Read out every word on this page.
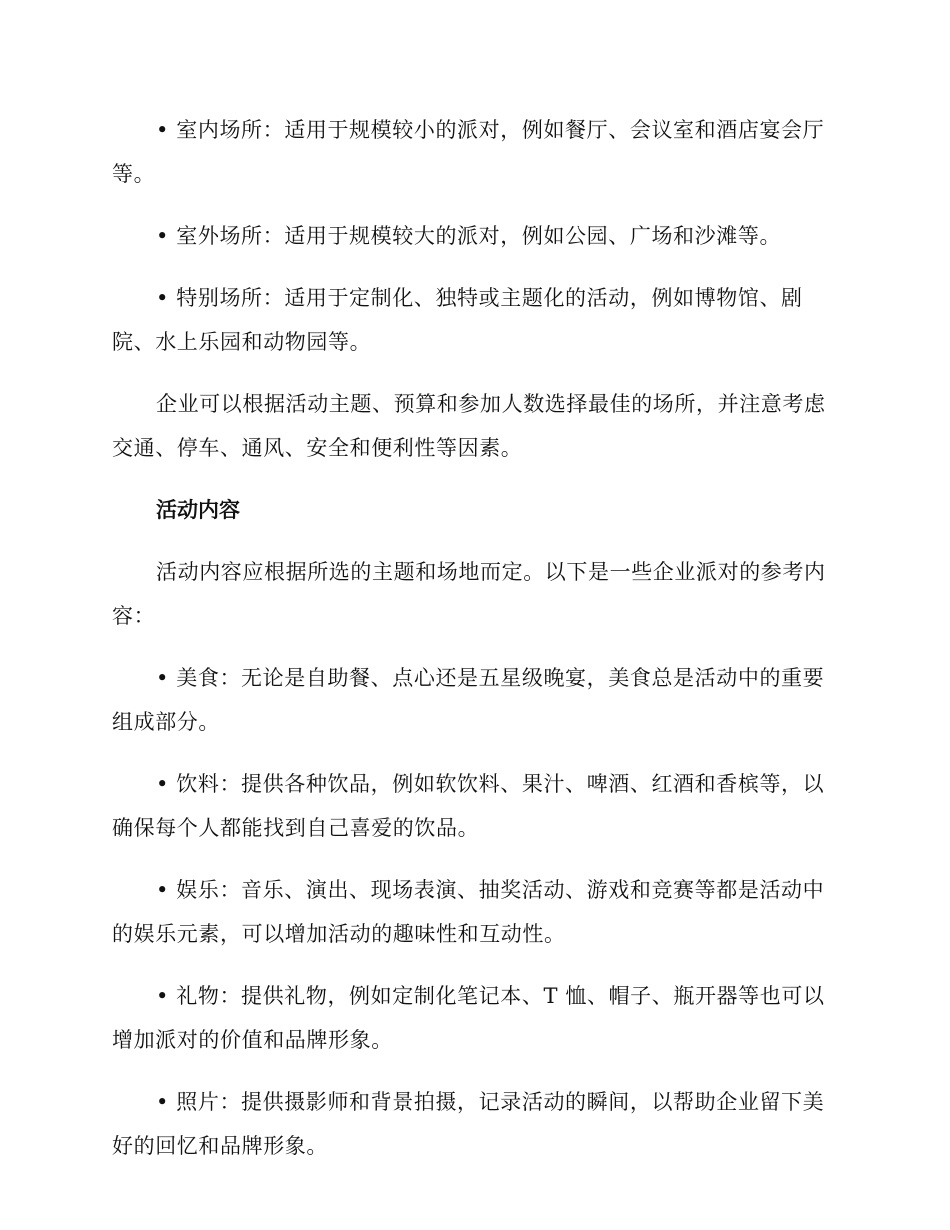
• 室内场所：适用于规模较小的派对，例如餐厅、会议室和酒店宴会厅等。

• 室外场所：适用于规模较大的派对，例如公园、广场和沙滩等。

• 特别场所：适用于定制化、独特或主题化的活动，例如博物馆、剧院、水上乐园和动物园等。

企业可以根据活动主题、预算和参加人数选择最佳的场所，并注意考虑交通、停车、通风、安全和便利性等因素。

活动内容

活动内容应根据所选的主题和场地而定。以下是一些企业派对的参考内容：

• 美食：无论是自助餐、点心还是五星级晚宴，美食总是活动中的重要组成部分。

• 饮料：提供各种饮品，例如软饮料、果汁、啤酒、红酒和香槟等，以确保每个人都能找到自己喜爱的饮品。

• 娱乐：音乐、演出、现场表演、抽奖活动、游戏和竞赛等都是活动中的娱乐元素，可以增加活动的趣味性和互动性。

• 礼物：提供礼物，例如定制化笔记本、T 恤、帽子、瓶开器等也可以增加派对的价值和品牌形象。

• 照片：提供摄影师和背景拍摄，记录活动的瞬间，以帮助企业留下美好的回忆和品牌形象。
